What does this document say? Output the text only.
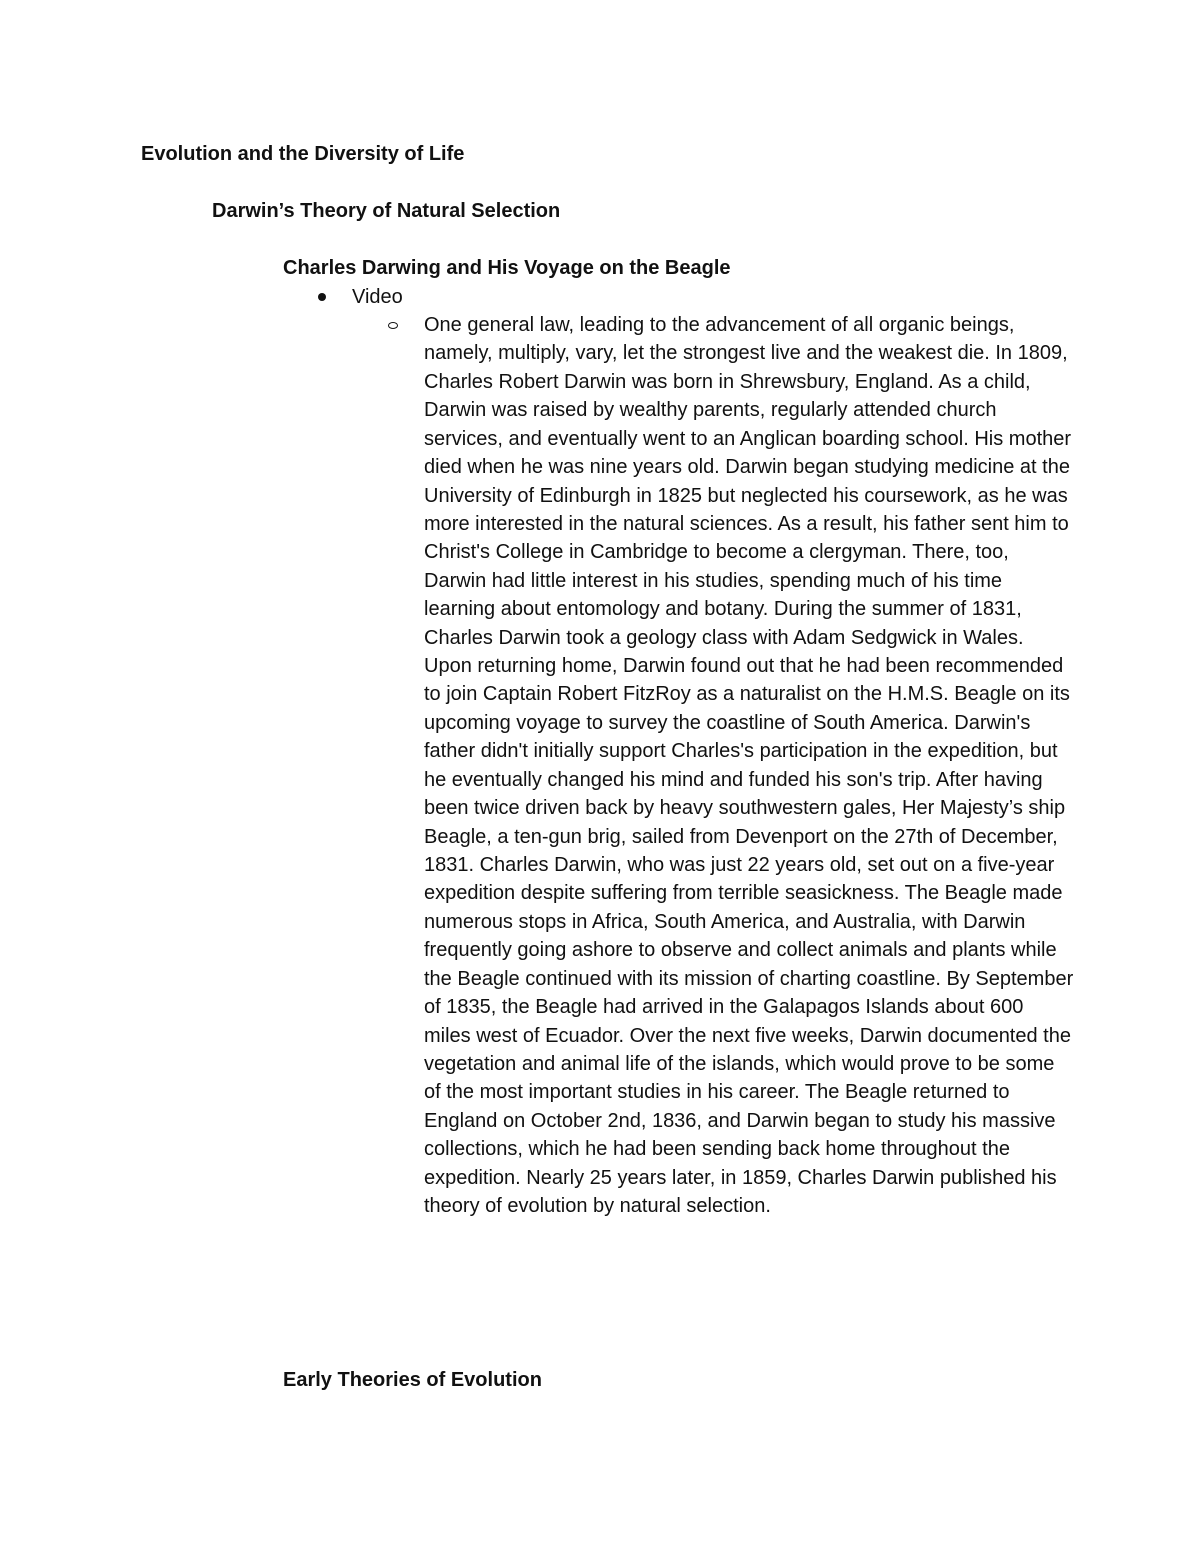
Evolution and the Diversity of Life
Darwin’s Theory of Natural Selection
Charles Darwing and His Voyage on the Beagle
Video

One general law, leading to the advancement of all organic beings, namely, multiply, vary, let the strongest live and the weakest die. In 1809, Charles Robert Darwin was born in Shrewsbury, England. As a child, Darwin was raised by wealthy parents, regularly attended church services, and eventually went to an Anglican boarding school. His mother died when he was nine years old. Darwin began studying medicine at the University of Edinburgh in 1825 but neglected his coursework, as he was more interested in the natural sciences. As a result, his father sent him to Christ's College in Cambridge to become a clergyman. There, too, Darwin had little interest in his studies, spending much of his time learning about entomology and botany. During the summer of 1831, Charles Darwin took a geology class with Adam Sedgwick in Wales. Upon returning home, Darwin found out that he had been recommended to join Captain Robert FitzRoy as a naturalist on the H.M.S. Beagle on its upcoming voyage to survey the coastline of South America. Darwin's father didn't initially support Charles's participation in the expedition, but he eventually changed his mind and funded his son's trip. After having been twice driven back by heavy southwestern gales, Her Majesty’s ship Beagle, a ten-gun brig, sailed from Devenport on the 27th of December, 1831. Charles Darwin, who was just 22 years old, set out on a five-year expedition despite suffering from terrible seasickness. The Beagle made numerous stops in Africa, South America, and Australia, with Darwin frequently going ashore to observe and collect animals and plants while the Beagle continued with its mission of charting coastline. By September of 1835, the Beagle had arrived in the Galapagos Islands about 600 miles west of Ecuador. Over the next five weeks, Darwin documented the vegetation and animal life of the islands, which would prove to be some of the most important studies in his career. The Beagle returned to England on October 2nd, 1836, and Darwin began to study his massive collections, which he had been sending back home throughout the expedition. Nearly 25 years later, in 1859, Charles Darwin published his theory of evolution by natural selection.

Early Theories of Evolution
